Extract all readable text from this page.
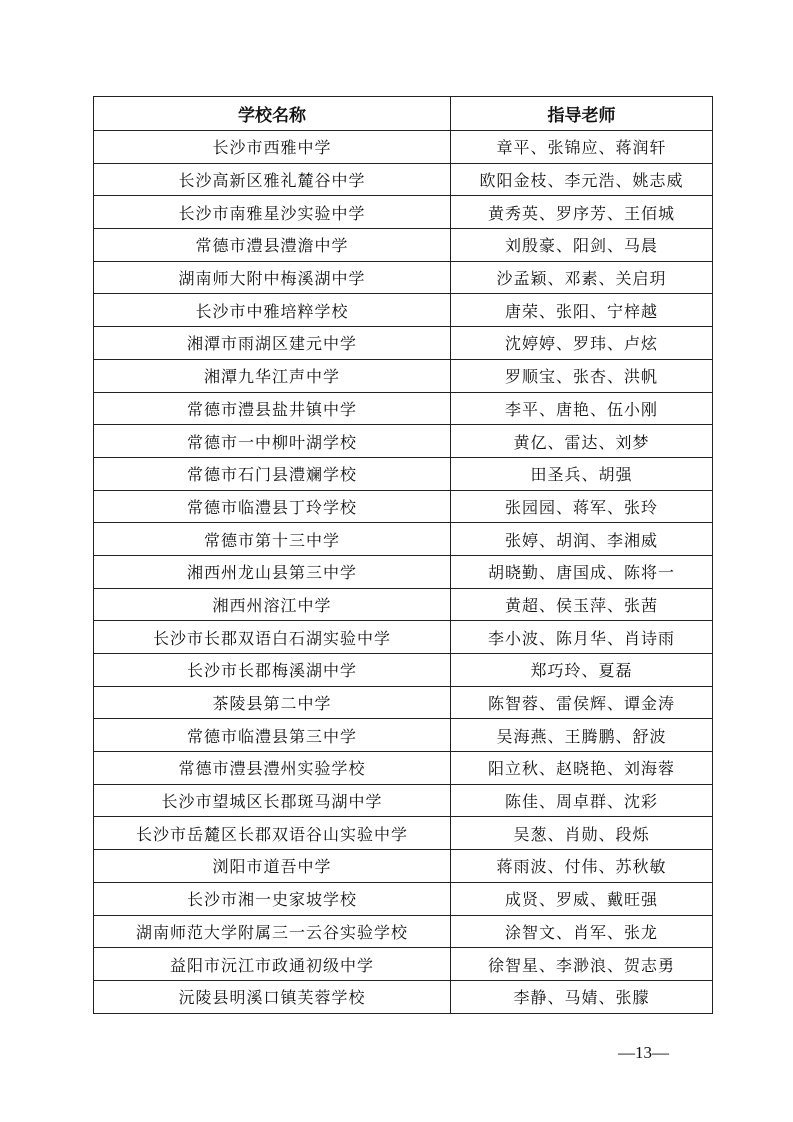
学校名称	指导老师
长沙市西雅中学	章平、张锦应、蒋润轩
长沙高新区雅礼麓谷中学	欧阳金枝、李元浩、姚志威
长沙市南雅星沙实验中学	黄秀英、罗序芳、王佰城
常德市澧县澧澹中学	刘殷豪、阳剑、马晨
湖南师大附中梅溪湖中学	沙孟颖、邓素、关启玥
长沙市中雅培粹学校	唐荣、张阳、宁梓越
湘潭市雨湖区建元中学	沈婷婷、罗玮、卢炫
湘潭九华江声中学	罗顺宝、张杏、洪帆
常德市澧县盐井镇中学	李平、唐艳、伍小刚
常德市一中柳叶湖学校	黄亿、雷达、刘梦
常德市石门县澧斓学校	田圣兵、胡强
常德市临澧县丁玲学校	张园园、蒋军、张玲
常德市第十三中学	张婷、胡润、李湘威
湘西州龙山县第三中学	胡晓勤、唐国成、陈将一
湘西州溶江中学	黄超、侯玉萍、张茜
长沙市长郡双语白石湖实验中学	李小波、陈月华、肖诗雨
长沙市长郡梅溪湖中学	郑巧玲、夏磊
茶陵县第二中学	陈智蓉、雷侯辉、谭金涛
常德市临澧县第三中学	吴海燕、王腾鹏、舒波
常德市澧县澧州实验学校	阳立秋、赵晓艳、刘海蓉
长沙市望城区长郡斑马湖中学	陈佳、周卓群、沈彩
长沙市岳麓区长郡双语谷山实验中学	吴葱、肖勋、段烁
浏阳市道吾中学	蒋雨波、付伟、苏秋敏
长沙市湘一史家坡学校	成贤、罗威、戴旺强
湖南师范大学附属三一云谷实验学校	涂智文、肖军、张龙
益阳市沅江市政通初级中学	徐智星、李渺浪、贺志勇
沅陵县明溪口镇芙蓉学校	李静、马婧、张朦
—13—
